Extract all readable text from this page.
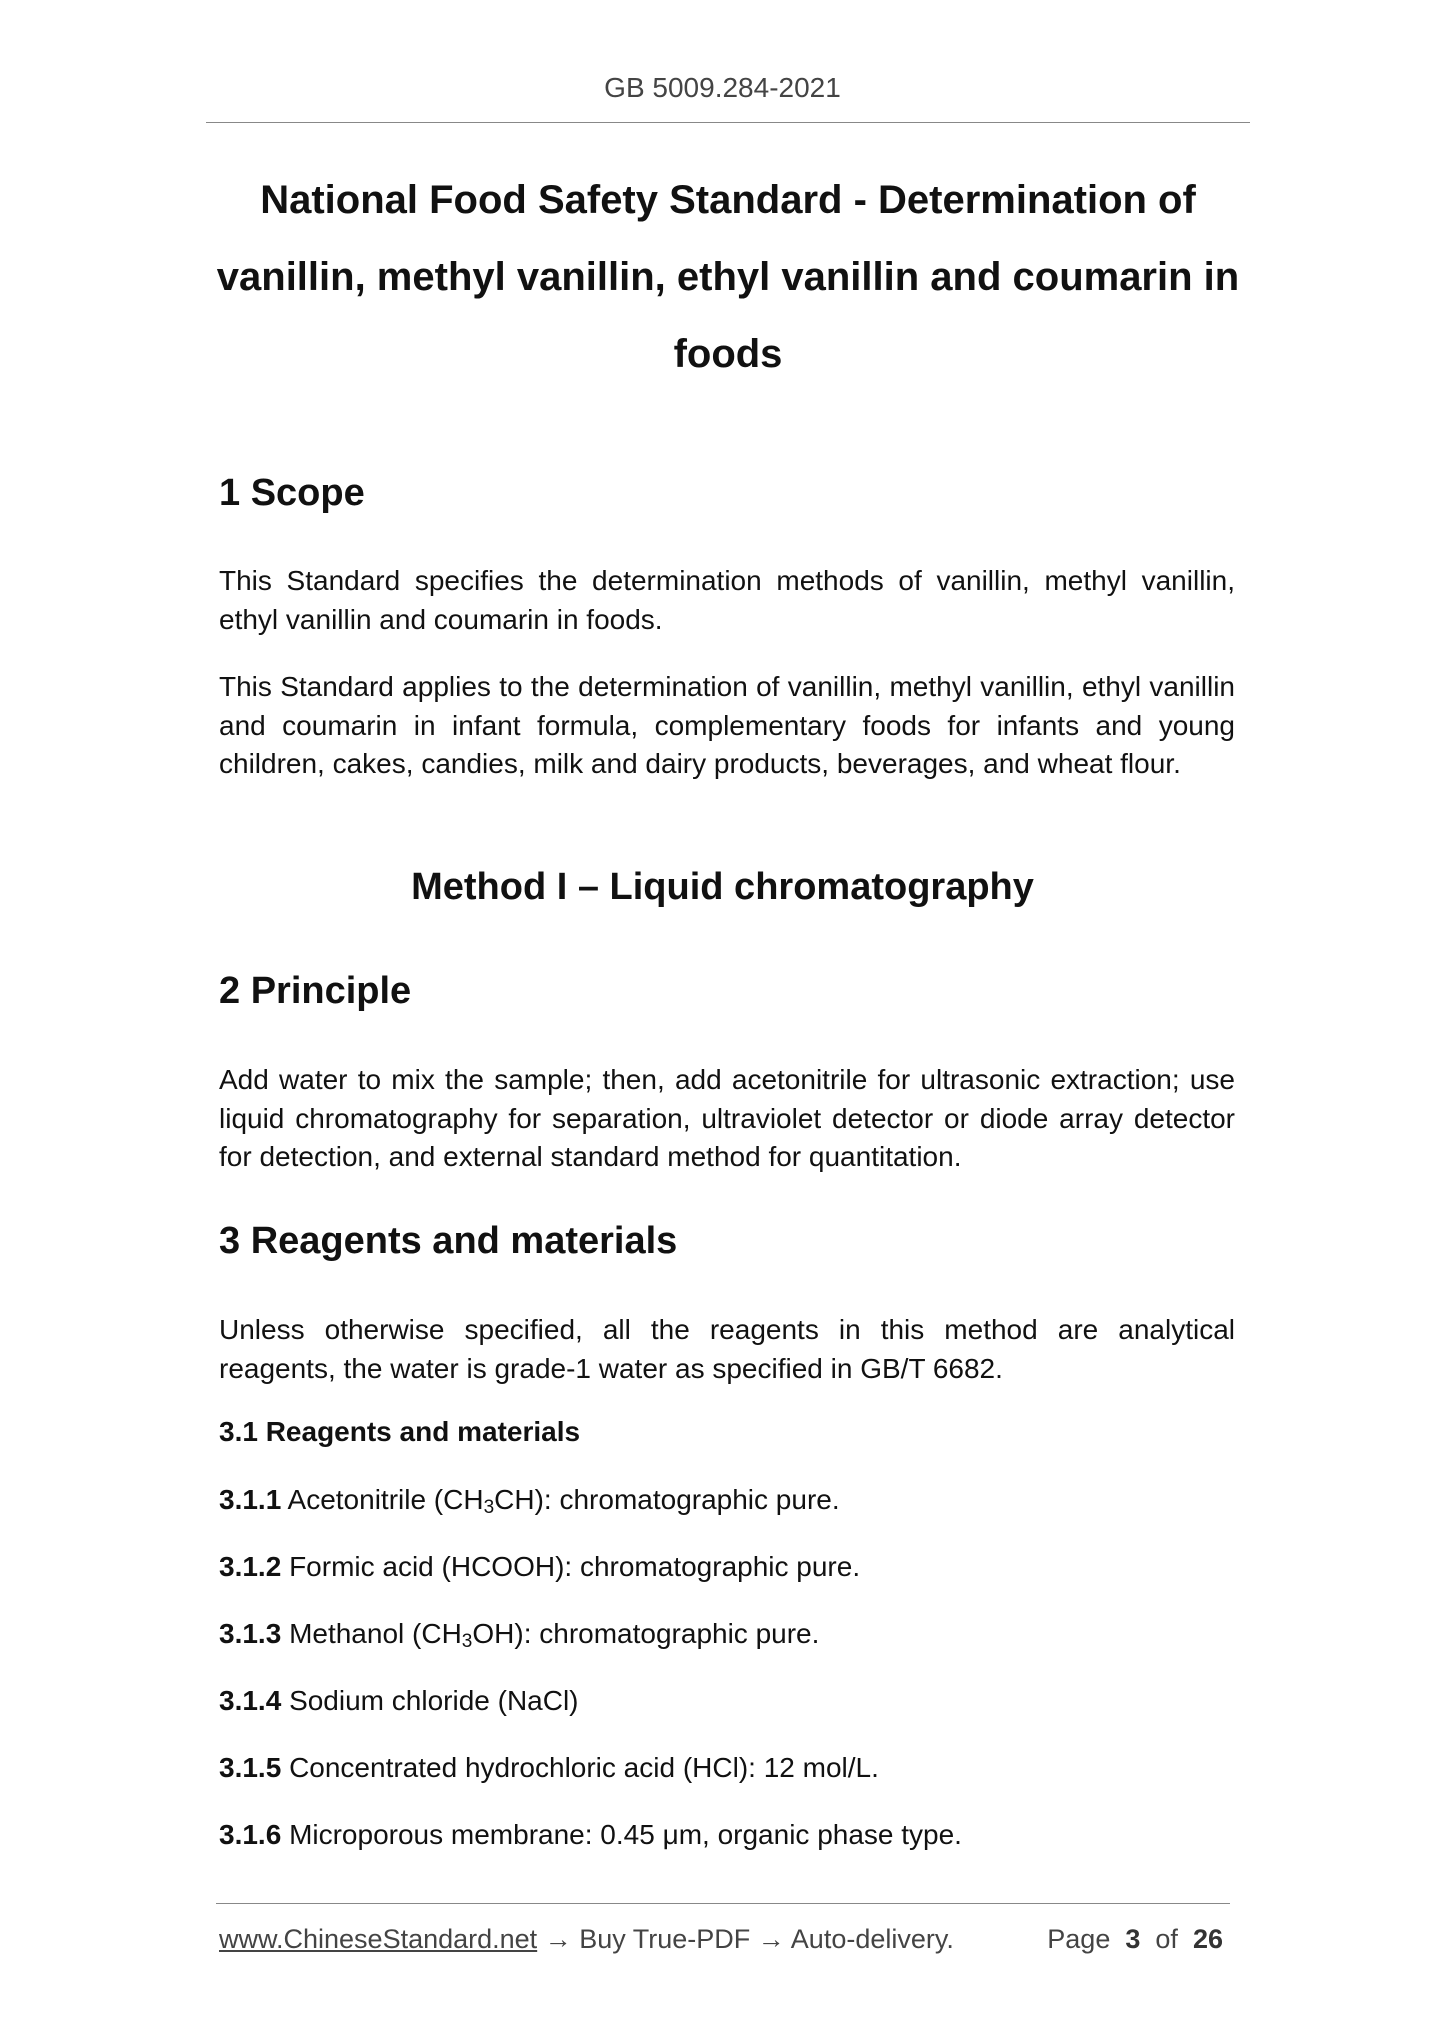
GB 5009.284-2021
National Food Safety Standard - Determination of vanillin, methyl vanillin, ethyl vanillin and coumarin in foods
1 Scope
This Standard specifies the determination methods of vanillin, methyl vanillin, ethyl vanillin and coumarin in foods.
This Standard applies to the determination of vanillin, methyl vanillin, ethyl vanillin and coumarin in infant formula, complementary foods for infants and young children, cakes, candies, milk and dairy products, beverages, and wheat flour.
Method I – Liquid chromatography
2 Principle
Add water to mix the sample; then, add acetonitrile for ultrasonic extraction; use liquid chromatography for separation, ultraviolet detector or diode array detector for detection, and external standard method for quantitation.
3 Reagents and materials
Unless otherwise specified, all the reagents in this method are analytical reagents, the water is grade-1 water as specified in GB/T 6682.
3.1 Reagents and materials
3.1.1 Acetonitrile $(CH_3CH)$: chromatographic pure.
3.1.2 Formic acid (HCOOH): chromatographic pure.
3.1.3 Methanol $(CH_3OH)$: chromatographic pure.
3.1.4 Sodium chloride (NaCl)
3.1.5 Concentrated hydrochloric acid (HCl): 12 mol/L.
3.1.6 Microporous membrane: 0.45 μm, organic phase type.
www.ChineseStandard.net → Buy True-PDF → Auto-delivery.	Page 3 of 26
